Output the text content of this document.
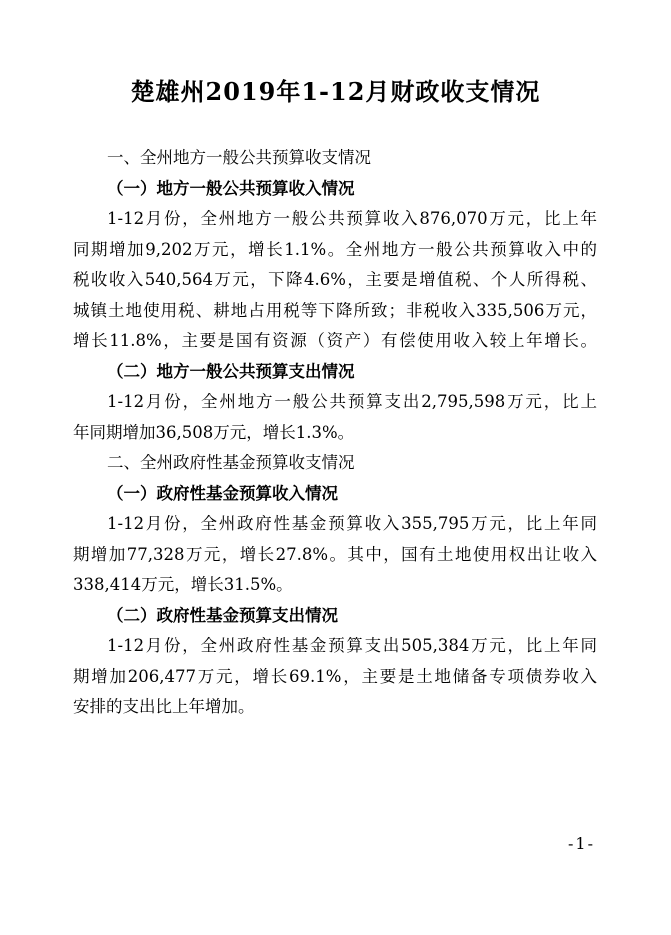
楚雄州2019年1-12月财政收支情况
一、全州地方一般公共预算收支情况
（一）地方一般公共预算收入情况
1-12月份，全州地方一般公共预算收入876,070万元，比上年
同期增加9,202万元，增长1.1%。全州地方一般公共预算收入中的
税收收入540,564万元，下降4.6%，主要是增值税、个人所得税、
城镇土地使用税、耕地占用税等下降所致；非税收入335,506万元，
增长11.8%，主要是国有资源（资产）有偿使用收入较上年增长。
（二）地方一般公共预算支出情况
1-12月份，全州地方一般公共预算支出2,795,598万元，比上
年同期增加36,508万元，增长1.3%。
二、全州政府性基金预算收支情况
（一）政府性基金预算收入情况
1-12月份，全州政府性基金预算收入355,795万元，比上年同
期增加77,328万元，增长27.8%。其中，国有土地使用权出让收入
338,414万元，增长31.5%。
（二）政府性基金预算支出情况
1-12月份，全州政府性基金预算支出505,384万元，比上年同
期增加206,477万元，增长69.1%，主要是土地储备专项债券收入
安排的支出比上年增加。
-1-
